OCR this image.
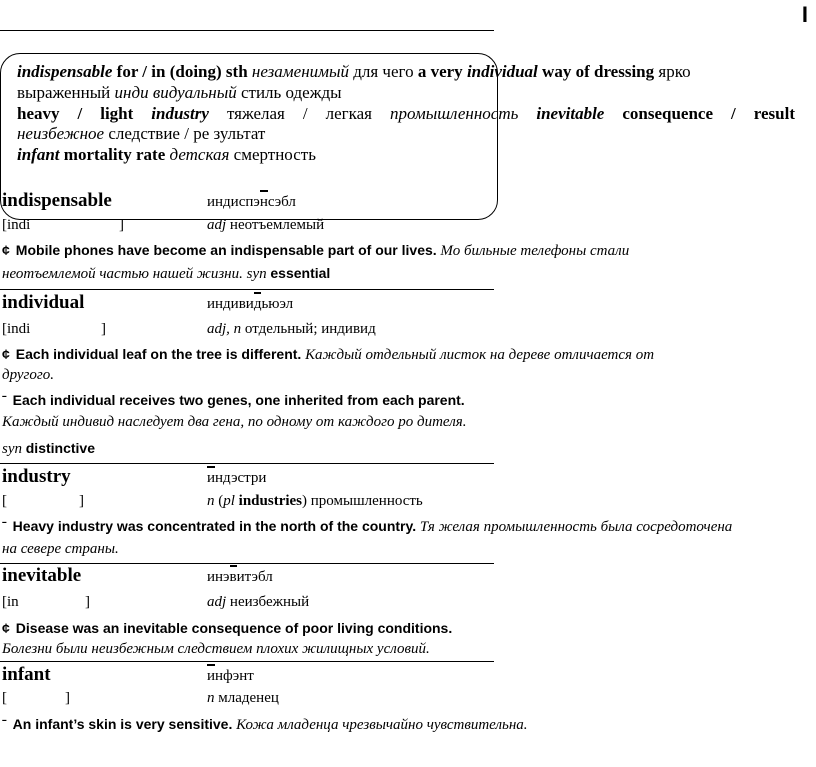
I
indispensable for / in (doing) sth незаменимый для чего a very individual way of dressing ярко
выраженный инди видуальный стиль одежды
heavy / light industry тяжелая / легкая промышленность inevitable consequence / result
неизбежное следствие / ре зультат
infant mortality rate детская смертность
indispensable	индиспэнсэбл
[indi	]	adj неотъемлемый
¢ Mobile phones have become an indispensable part of our lives. Мо бильные телефоны стали
неотъемлемой частью нашей жизни. syn essential
individual	индивидьюэл
[indi	]	adj, n отдельный; индивид
¢ Each individual leaf on the tree is different. Каждый отдельный листок на дереве отличается от
другого.
ˉ Each individual receives two genes, one inherited from each parent.
Каждый индивид наследует два гена, по одному от каждого ро дителя.
syn distinctive
industry	индэстри
[	]	n (pl industries) промышленность
ˉ Heavy industry was concentrated in the north of the country. Тя желая промышленность была сосредоточена
на севере страны.
inevitable	инэвитэбл
[in	]	adj неизбежный
¢ Disease was an inevitable consequence of poor living conditions.
Болезни были неизбежным следствием плохих жилищных условий.
infant	инфэнт
[	]	n младенец
ˉ An infant’s skin is very sensitive. Кожа младенца чрезвычайно чувствительна.
